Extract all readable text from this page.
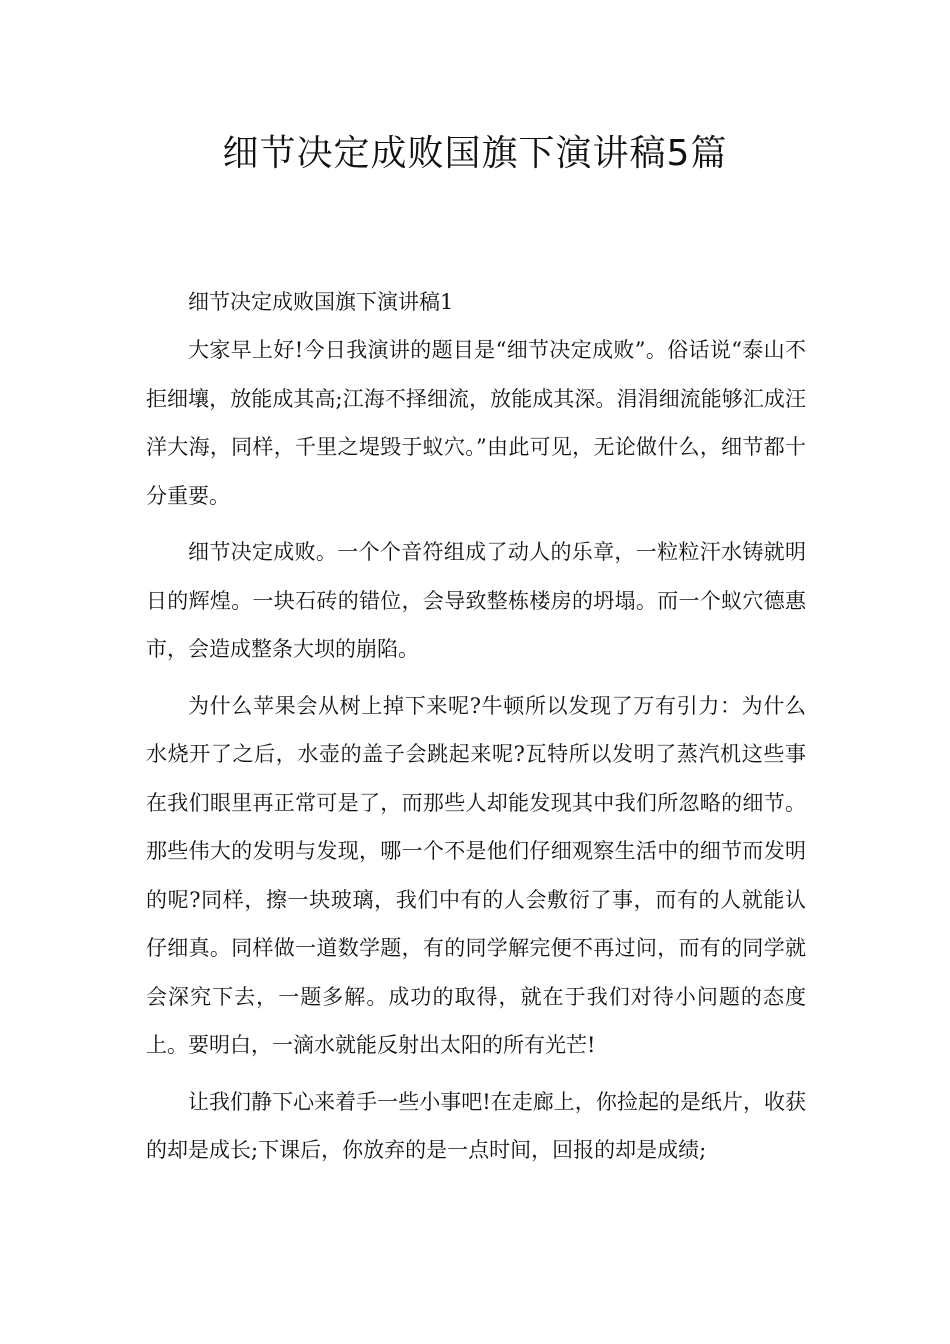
细节决定成败国旗下演讲稿5篇
细节决定成败国旗下演讲稿1

大家早上好!今日我演讲的题目是“细节决定成败”。俗话说“泰山不拒细壤，放能成其高;江海不择细流，放能成其深。涓涓细流能够汇成汪洋大海，同样，千里之堤毁于蚁穴。”由此可见，无论做什么，细节都十分重要。

细节决定成败。一个个音符组成了动人的乐章，一粒粒汗水铸就明日的辉煌。一块石砖的错位，会导致整栋楼房的坍塌。而一个蚁穴德惠市，会造成整条大坝的崩陷。

为什么苹果会从树上掉下来呢?牛顿所以发现了万有引力：为什么水烧开了之后，水壶的盖子会跳起来呢?瓦特所以发明了蒸汽机这些事在我们眼里再正常可是了，而那些人却能发现其中我们所忽略的细节。那些伟大的发明与发现，哪一个不是他们仔细观察生活中的细节而发明的呢?同样，擦一块玻璃，我们中有的人会敷衍了事，而有的人就能认仔细真。同样做一道数学题，有的同学解完便不再过问，而有的同学就会深究下去，一题多解。成功的取得，就在于我们对待小问题的态度上。要明白，一滴水就能反射出太阳的所有光芒!

让我们静下心来着手一些小事吧!在走廊上，你捡起的是纸片，收获的却是成长;下课后，你放弃的是一点时间，回报的却是成绩;
